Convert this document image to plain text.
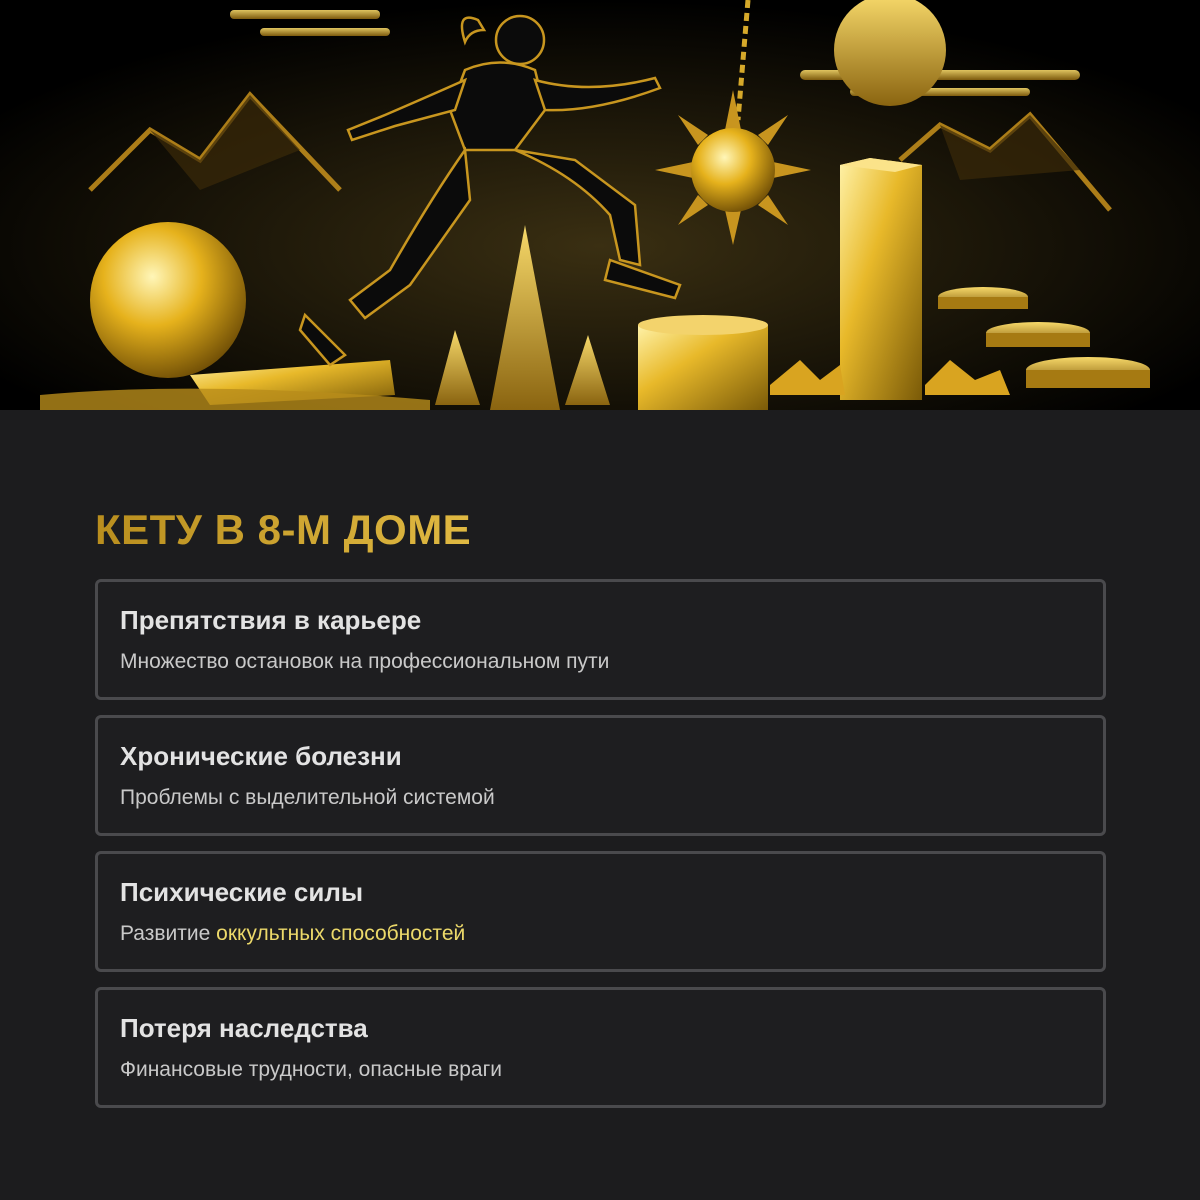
КЕТУ В 8-М ДОМЕ
Препятствия в карьере
Множество остановок на профессиональном пути
Хронические болезни
Проблемы с выделительной системой
Психические силы
Развитие оккультных способностей
Потеря наследства
Финансовые трудности, опасные враги
